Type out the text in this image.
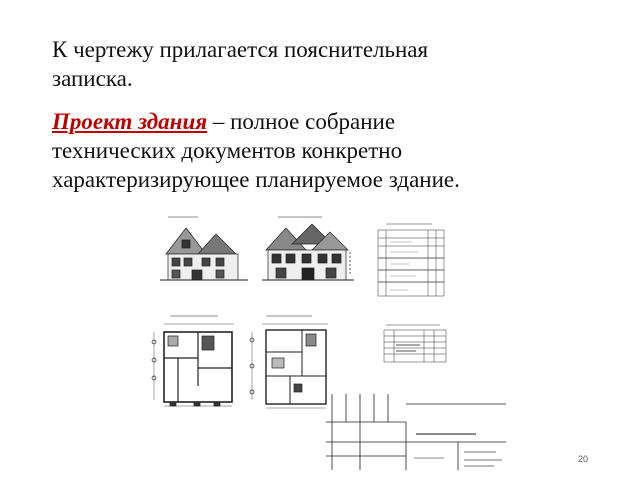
К чертежу прилагается пояснительная
записка.
Проект здания – полное собрание
технических документов конкретно
характеризирующее планируемое здание.
20
